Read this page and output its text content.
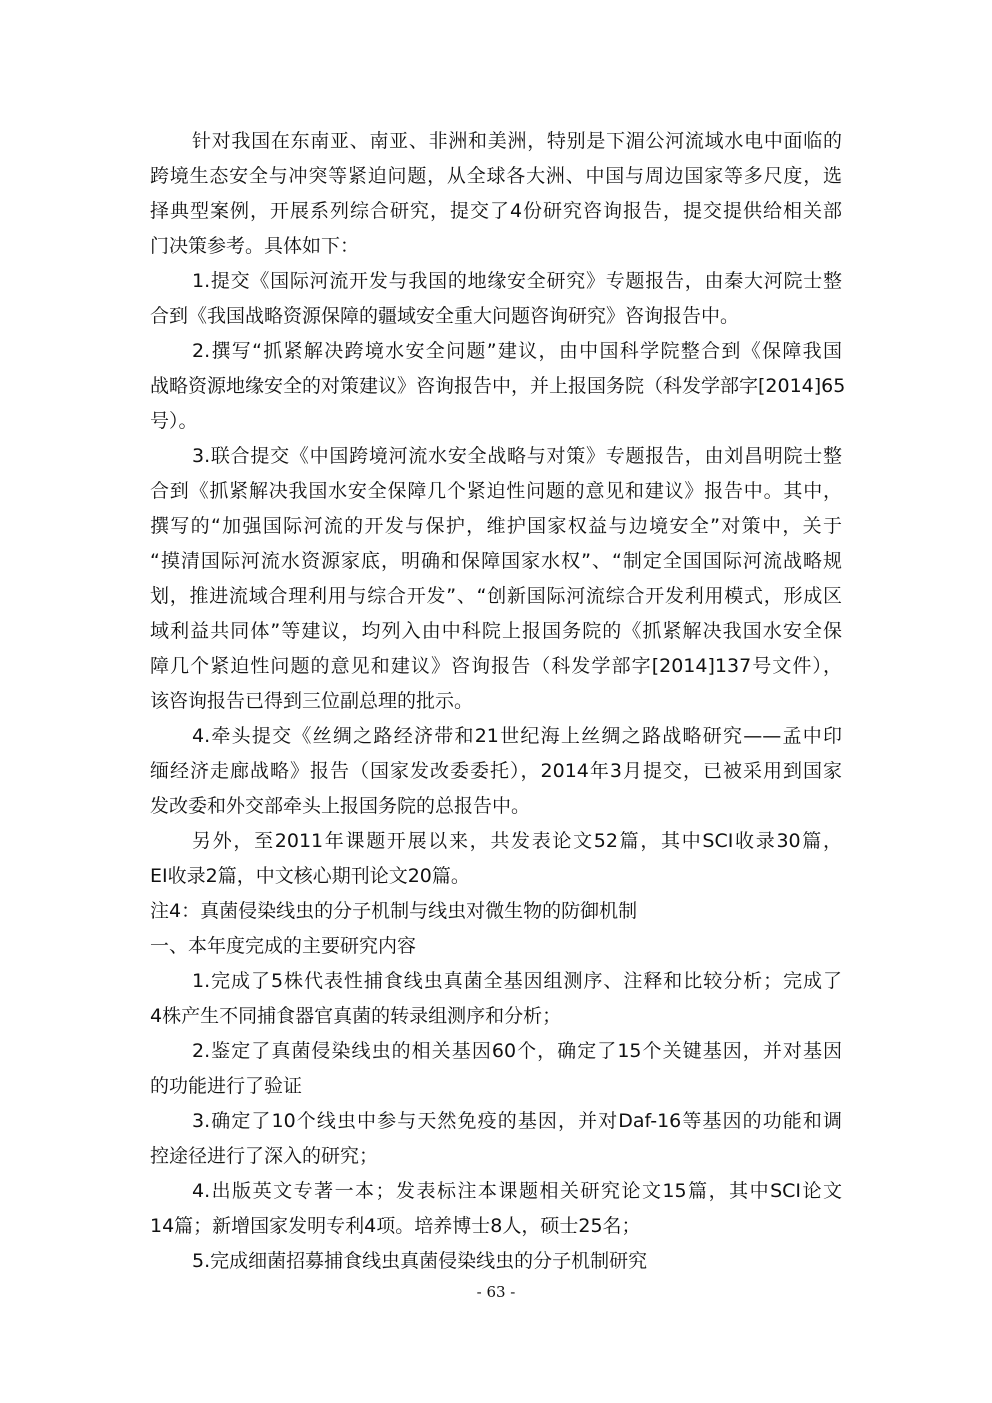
针对我国在东南亚、南亚、非洲和美洲，特别是下湄公河流域水电中面临的
跨境生态安全与冲突等紧迫问题，从全球各大洲、中国与周边国家等多尺度，选
择典型案例，开展系列综合研究，提交了4份研究咨询报告，提交提供给相关部
门决策参考。具体如下：
1.提交《国际河流开发与我国的地缘安全研究》专题报告，由秦大河院士整
合到《我国战略资源保障的疆域安全重大问题咨询研究》咨询报告中。
2.撰写“抓紧解决跨境水安全问题”建议，由中国科学院整合到《保障我国
战略资源地缘安全的对策建议》咨询报告中，并上报国务院（科发学部字[2014]65
号）。
3.联合提交《中国跨境河流水安全战略与对策》专题报告，由刘昌明院士整
合到《抓紧解决我国水安全保障几个紧迫性问题的意见和建议》报告中。其中，
撰写的“加强国际河流的开发与保护，维护国家权益与边境安全”对策中，关于
“摸清国际河流水资源家底，明确和保障国家水权”、“制定全国国际河流战略规
划，推进流域合理利用与综合开发”、“创新国际河流综合开发利用模式，形成区
域利益共同体”等建议，均列入由中科院上报国务院的《抓紧解决我国水安全保
障几个紧迫性问题的意见和建议》咨询报告（科发学部字[2014]137号文件），
该咨询报告已得到三位副总理的批示。
4.牵头提交《丝绸之路经济带和21世纪海上丝绸之路战略研究——孟中印
缅经济走廊战略》报告（国家发改委委托），2014年3月提交，已被采用到国家
发改委和外交部牵头上报国务院的总报告中。
另外，至2011年课题开展以来，共发表论文52篇，其中SCI收录30篇，
EI收录2篇，中文核心期刊论文20篇。
注4：真菌侵染线虫的分子机制与线虫对微生物的防御机制
一、本年度完成的主要研究内容
1.完成了5株代表性捕食线虫真菌全基因组测序、注释和比较分析；完成了
4株产生不同捕食器官真菌的转录组测序和分析；
2.鉴定了真菌侵染线虫的相关基因60个，确定了15个关键基因，并对基因
的功能进行了验证
3.确定了10个线虫中参与天然免疫的基因，并对Daf-16等基因的功能和调
控途径进行了深入的研究；
4.出版英文专著一本；发表标注本课题相关研究论文15篇，其中SCI论文
14篇；新增国家发明专利4项。培养博士8人，硕士25名；
5.完成细菌招募捕食线虫真菌侵染线虫的分子机制研究
- 63 -
